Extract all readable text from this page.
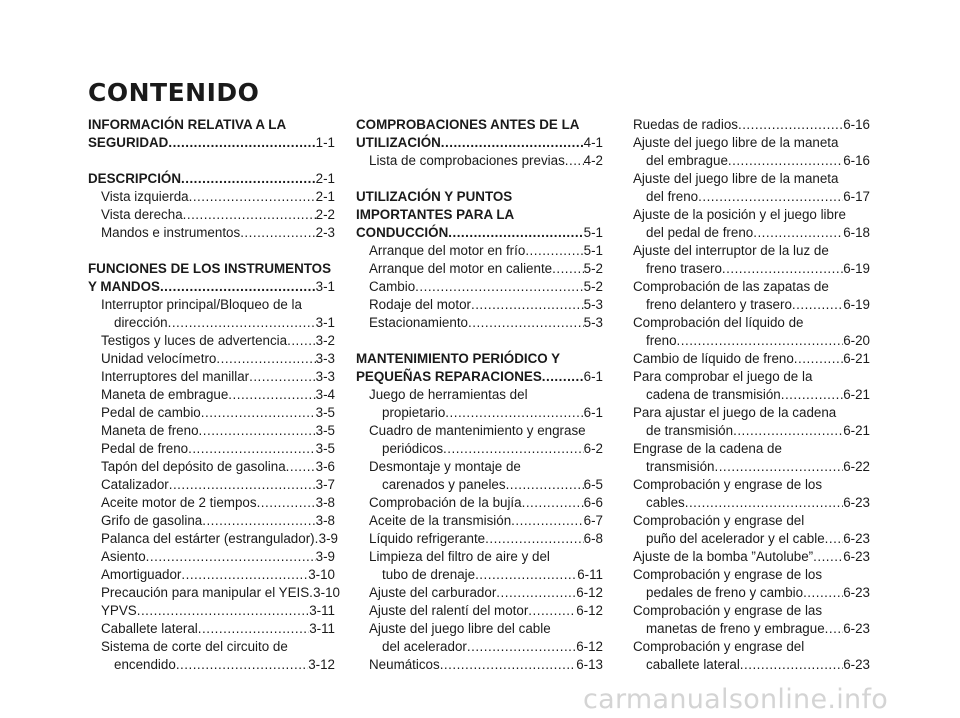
CONTENIDO
INFORMACIÓN RELATIVA A LA
SEGURIDAD .....	1-1
DESCRIPCIÓN .....	2-1
Vista izquierda .....	2-1
Vista derecha .....	2-2
Mandos e instrumentos .....	2-3
FUNCIONES DE LOS INSTRUMENTOS
Y MANDOS .....	3-1
Interruptor principal/Bloqueo de la
dirección .....	3-1
Testigos y luces de advertencia ..... 3-2
Unidad velocímetro .....	3-3
Interruptores del manillar .....	3-3
Maneta de embrague .....	3-4
Pedal de cambio .....	3-5
Maneta de freno .....	3-5
Pedal de freno .....	3-5
Tapón del depósito de gasolina ..... 3-6
Catalizador .....	3-7
Aceite motor de 2 tiempos .....	3-8
Grifo de gasolina .....	3-8
Palanca del estárter (estrangulador) ..... 3-9
Asiento .....	3-9
Amortiguador .....	3-10
Precaución para manipular el YEIS ..... 3-10
YPVS .....	3-11
Caballete lateral .....	3-11
Sistema de corte del circuito de
encendido .....	3-12
COMPROBACIONES ANTES DE LA
UTILIZACIÓN .....	4-1
Lista de comprobaciones previas ..... 4-2
UTILIZACIÓN Y PUNTOS
IMPORTANTES PARA LA
CONDUCCIÓN .....	5-1
Arranque del motor en frío .....	5-1
Arranque del motor en caliente ..... 5-2
Cambio .....	5-2
Rodaje del motor .....	5-3
Estacionamiento .....	5-3
MANTENIMIENTO PERIÓDICO Y
PEQUEÑAS REPARACIONES .....	6-1
Juego de herramientas del
propietario .....	6-1
Cuadro de mantenimiento y engrase
periódicos .....	6-2
Desmontaje y montaje de
carenados y paneles .....	6-5
Comprobación de la bujía .....	6-6
Aceite de la transmisión .....	6-7
Líquido refrigerante .....	6-8
Limpieza del filtro de aire y del
tubo de drenaje .....	6-11
Ajuste del carburador .....	6-12
Ajuste del ralentí del motor .....	6-12
Ajuste del juego libre del cable
del acelerador .....	6-12
Neumáticos .....	6-13
Ruedas de radios .....	6-16
Ajuste del juego libre de la maneta
del embrague .....	6-16
Ajuste del juego libre de la maneta
del freno .....	6-17
Ajuste de la posición y el juego libre
del pedal de freno .....	6-18
Ajuste del interruptor de la luz de
freno trasero .....	6-19
Comprobación de las zapatas de
freno delantero y trasero .....	6-19
Comprobación del líquido de
freno .....	6-20
Cambio de líquido de freno .....	6-21
Para comprobar el juego de la
cadena de transmisión .....	6-21
Para ajustar el juego de la cadena
de transmisión .....	6-21
Engrase de la cadena de
transmisión .....	6-22
Comprobación y engrase de los
cables .....	6-23
Comprobación y engrase del
puño del acelerador y el cable ..... 6-23
Ajuste de la bomba ”Autolube” ..... 6-23
Comprobación y engrase de los
pedales de freno y cambio .....	6-23
Comprobación y engrase de las
manetas de freno y embrague ..... 6-23
Comprobación y engrase del
caballete lateral .....	6-23
carmanualsonline.info
